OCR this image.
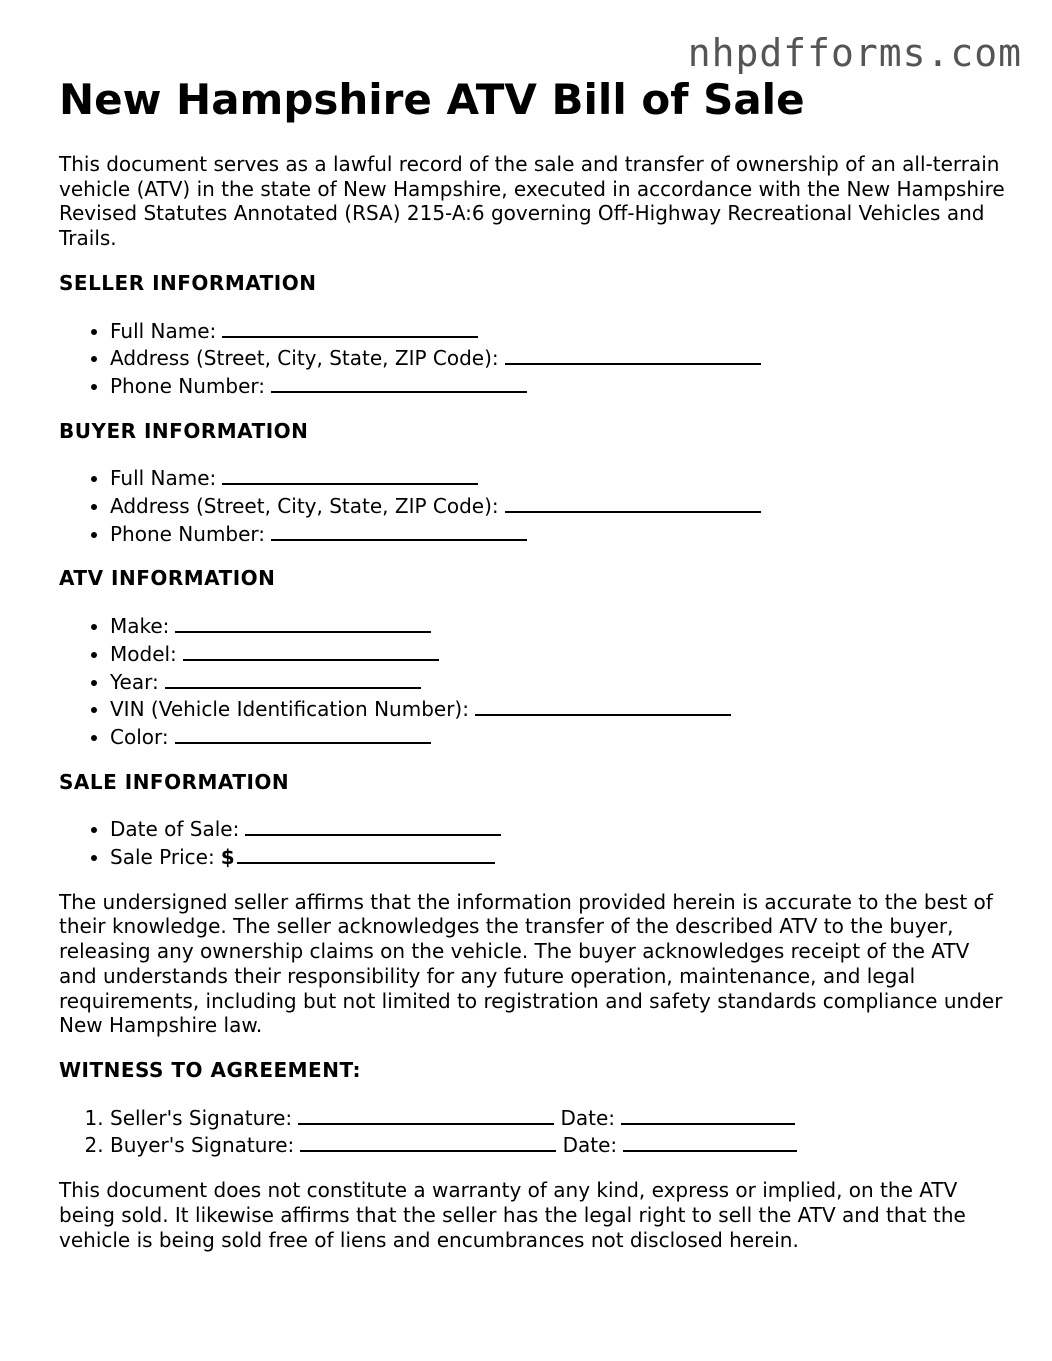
nhpdfforms.com
New Hampshire ATV Bill of Sale

This document serves as a lawful record of the sale and transfer of ownership of an all-terrain vehicle (ATV) in the state of New Hampshire, executed in accordance with the New Hampshire Revised Statutes Annotated (RSA) 215-A:6 governing Off-Highway Recreational Vehicles and Trails.

SELLER INFORMATION
• Full Name:
• Address (Street, City, State, ZIP Code):
• Phone Number:
BUYER INFORMATION
• Full Name:
• Address (Street, City, State, ZIP Code):
• Phone Number:
ATV INFORMATION
• Make:
• Model:
• Year:
• VIN (Vehicle Identification Number):
• Color:
SALE INFORMATION
• Date of Sale:
• Sale Price: $

The undersigned seller affirms that the information provided herein is accurate to the best of their knowledge. The seller acknowledges the transfer of the described ATV to the buyer, releasing any ownership claims on the vehicle. The buyer acknowledges receipt of the ATV and understands their responsibility for any future operation, maintenance, and legal requirements, including but not limited to registration and safety standards compliance under New Hampshire law.

WITNESS TO AGREEMENT:
1. Seller's Signature:	Date:
2. Buyer's Signature:	Date:

This document does not constitute a warranty of any kind, express or implied, on the ATV being sold. It likewise affirms that the seller has the legal right to sell the ATV and that the vehicle is being sold free of liens and encumbrances not disclosed herein.
